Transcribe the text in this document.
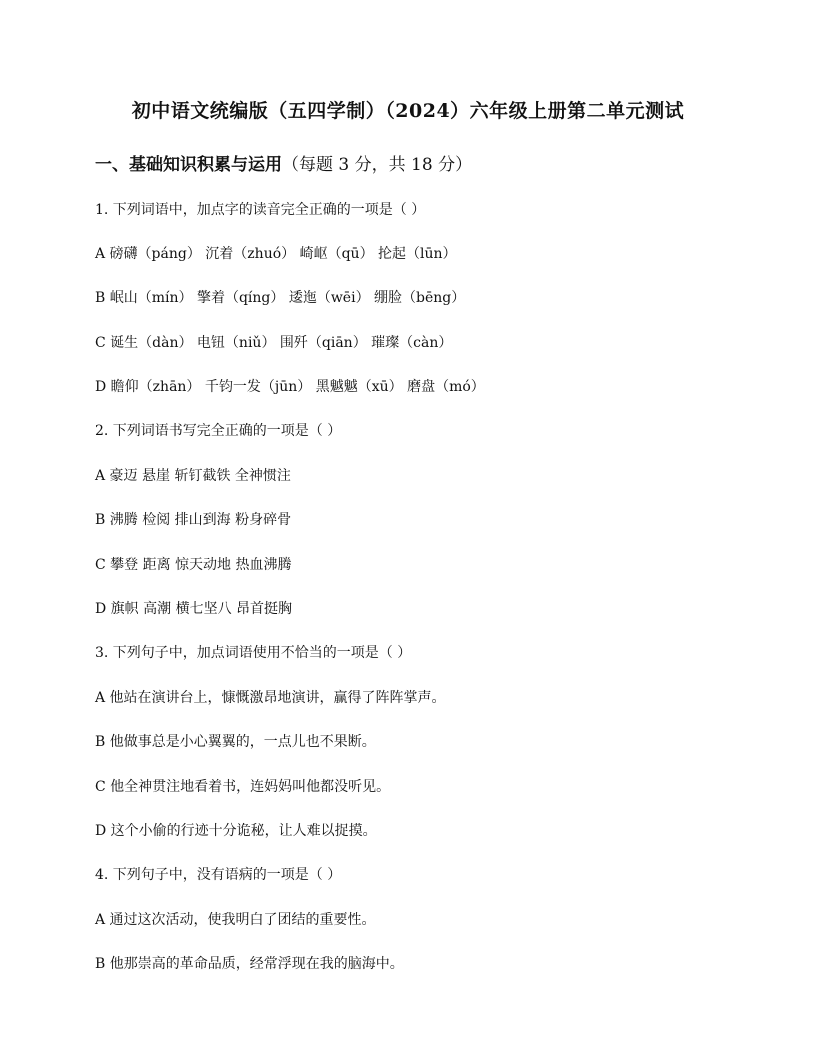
初中语文统编版（五四学制）（2024）六年级上册第二单元测试
一、基础知识积累与运用（每题 3 分，共 18 分）
1. 下列词语中，加点字的读音完全正确的一项是（ ）
A 磅礴（páng） 沉着（zhuó） 崎岖（qū） 抡起（lūn）
B 岷山（mín） 擎着（qíng） 逶迤（wēi） 绷脸（bēng）
C 诞生（dàn） 电钮（niǔ） 围歼（qiān） 璀璨（càn）
D 瞻仰（zhān） 千钧一发（jūn） 黑魆魆（xū） 磨盘（mó）
2. 下列词语书写完全正确的一项是（ ）
A 豪迈 悬崖 斩钉截铁 全神惯注
B 沸腾 检阅 排山到海 粉身碎骨
C 攀登 距离 惊天动地 热血沸腾
D 旗帜 高潮 横七坚八 昂首挺胸
3. 下列句子中，加点词语使用不恰当的一项是（ ）
A 他站在演讲台上，慷慨激昂地演讲，赢得了阵阵掌声。
B 他做事总是小心翼翼的，一点儿也不果断。
C 他全神贯注地看着书，连妈妈叫他都没听见。
D 这个小偷的行迹十分诡秘，让人难以捉摸。
4. 下列句子中，没有语病的一项是（ ）
A 通过这次活动，使我明白了团结的重要性。
B 他那崇高的革命品质，经常浮现在我的脑海中。
